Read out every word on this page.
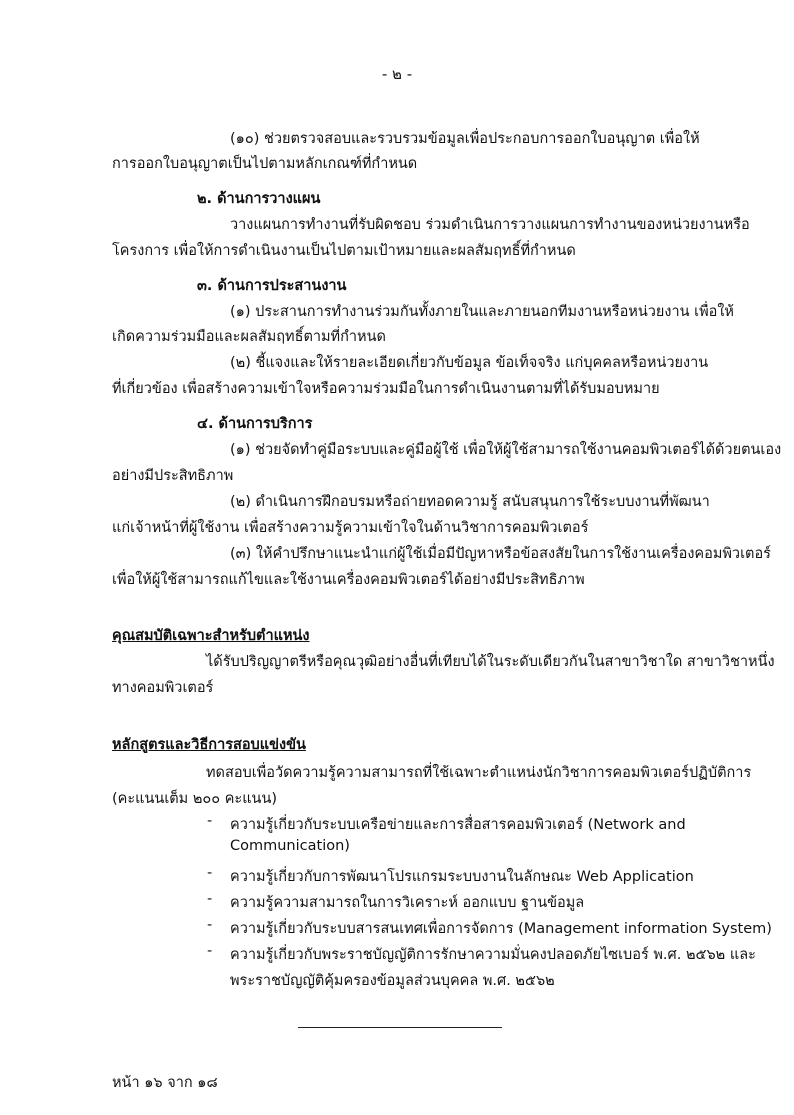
- ๒ -
(๑๐) ช่วยตรวจสอบและรวบรวมข้อมูลเพื่อประกอบการออกใบอนุญาต เพื่อให้
การออกใบอนุญาตเป็นไปตามหลักเกณฑ์ที่กำหนด
๒. ด้านการวางแผน
วางแผนการทำงานที่รับผิดชอบ ร่วมดำเนินการวางแผนการทำงานของหน่วยงานหรือ
โครงการ เพื่อให้การดำเนินงานเป็นไปตามเป้าหมายและผลสัมฤทธิ์ที่กำหนด
๓. ด้านการประสานงาน
(๑) ประสานการทำงานร่วมกันทั้งภายในและภายนอกทีมงานหรือหน่วยงาน เพื่อให้
เกิดความร่วมมือและผลสัมฤทธิ์ตามที่กำหนด
(๒) ชี้แจงและให้รายละเอียดเกี่ยวกับข้อมูล ข้อเท็จจริง แก่บุคคลหรือหน่วยงาน
ที่เกี่ยวข้อง เพื่อสร้างความเข้าใจหรือความร่วมมือในการดำเนินงานตามที่ได้รับมอบหมาย
๔. ด้านการบริการ
(๑) ช่วยจัดทำคู่มือระบบและคู่มือผู้ใช้ เพื่อให้ผู้ใช้สามารถใช้งานคอมพิวเตอร์ได้ด้วยตนเอง
อย่างมีประสิทธิภาพ
(๒) ดำเนินการฝึกอบรมหรือถ่ายทอดความรู้ สนับสนุนการใช้ระบบงานที่พัฒนา
แก่เจ้าหน้าที่ผู้ใช้งาน เพื่อสร้างความรู้ความเข้าใจในด้านวิชาการคอมพิวเตอร์
(๓) ให้คำปรึกษาแนะนำแก่ผู้ใช้เมื่อมีปัญหาหรือข้อสงสัยในการใช้งานเครื่องคอมพิวเตอร์
เพื่อให้ผู้ใช้สามารถแก้ไขและใช้งานเครื่องคอมพิวเตอร์ได้อย่างมีประสิทธิภาพ
คุณสมบัติเฉพาะสำหรับตำแหน่ง
ได้รับปริญญาตรีหรือคุณวุฒิอย่างอื่นที่เทียบได้ในระดับเดียวกันในสาขาวิชาใด สาขาวิชาหนึ่ง
ทางคอมพิวเตอร์
หลักสูตรและวิธีการสอบแข่งขัน
ทดสอบเพื่อวัดความรู้ความสามารถที่ใช้เฉพาะตำแหน่งนักวิชาการคอมพิวเตอร์ปฏิบัติการ
(คะแนนเต็ม ๒๐๐ คะแนน)
- ความรู้เกี่ยวกับระบบเครือข่ายและการสื่อสารคอมพิวเตอร์ (Network and
Communication)
- ความรู้เกี่ยวกับการพัฒนาโปรแกรมระบบงานในลักษณะ Web Application
- ความรู้ความสามารถในการวิเคราะห์ ออกแบบ ฐานข้อมูล
- ความรู้เกี่ยวกับระบบสารสนเทศเพื่อการจัดการ (Management information System)
- ความรู้เกี่ยวกับพระราชบัญญัติการรักษาความมั่นคงปลอดภัยไซเบอร์ พ.ศ. ๒๕๖๒ และ
พระราชบัญญัติคุ้มครองข้อมูลส่วนบุคคล พ.ศ. ๒๕๖๒
หน้า ๑๖ จาก ๑๘
